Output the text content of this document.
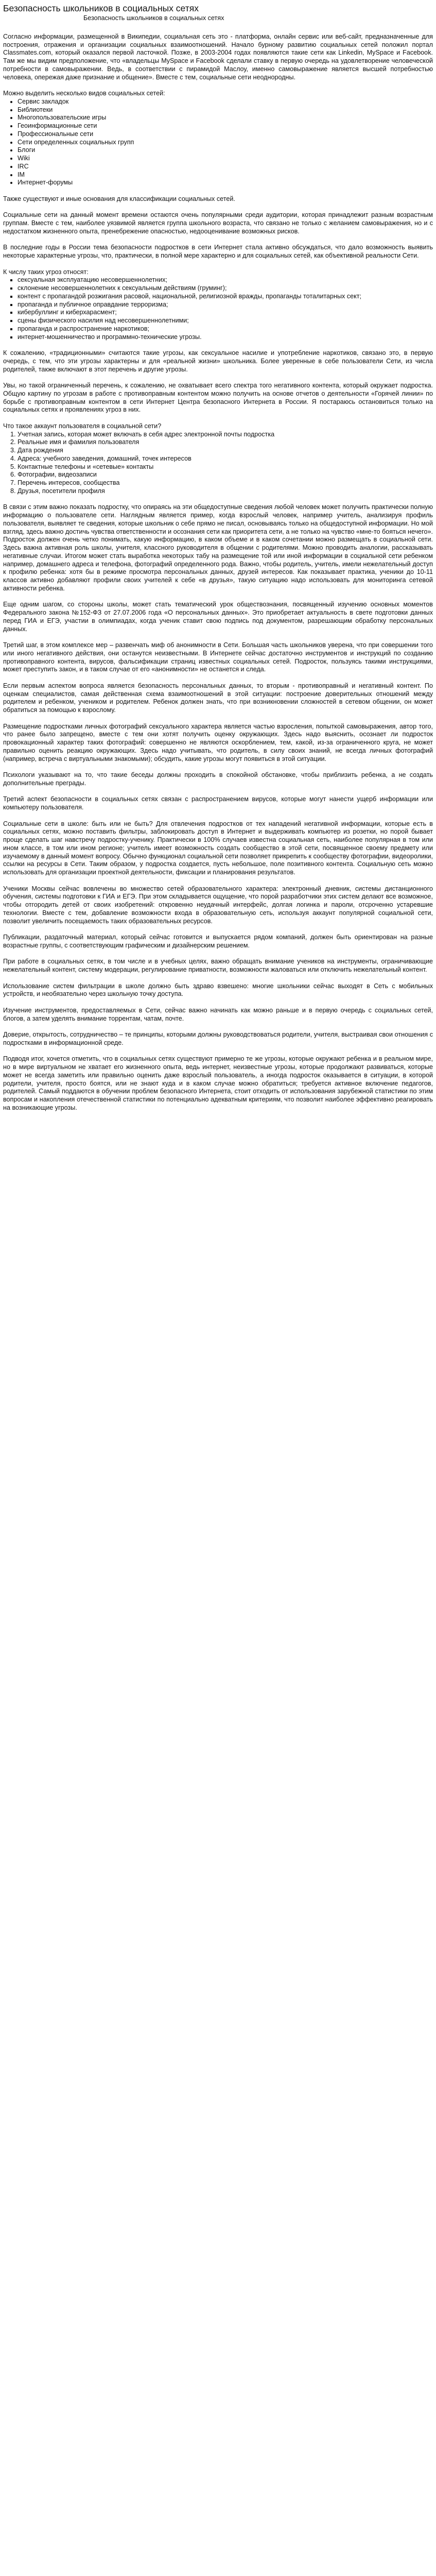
Безопасность школьников в социальных сетях
Безопасность школьников в социальных сетях

Согласно информации, размещенной в Википедии, социальная сеть это - платформа, онлайн сервис или веб-сайт, предназначенные для построения, отражения и организации социальных взаимоотношений. Начало бурному развитию социальных сетей положил портал Classmates.com, который оказался первой ласточкой. Позже, в 2003-2004 годах появляются такие сети как Linkedin, MySpace и Facebook. Там же мы видим предположение, что «владельцы MySpace и Facebook сделали ставку в первую очередь на удовлетворение человеческой потребности в самовыражении. Ведь, в соответствии с пирамидой Маслоу, именно самовыражение является высшей потребностью человека, опережая даже признание и общение». Вместе с тем, социальные сети неоднородны.

Можно выделить несколько видов социальных сетей:

• Сервис закладок
• Библиотеки
• Многопользовательские игры
• Геоинформационные сети
• Профессиональные сети
• Сети определенных социальных групп
• Блоги
• Wiki
• IRC
• IM
• Интернет-форумы

Также существуют и иные основания для классификации социальных сетей.

Социальные сети на данный момент времени остаются очень популярными среди аудитории, которая принадлежит разным возрастным группам. Вместе с тем, наиболее уязвимой является группа школьного возраста, что связано не только с желанием самовыражения, но и с недостатком жизненного опыта, пренебрежение опасностью, недооценивание возможных рисков.

В последние годы в России тема безопасности подростков в сети Интернет стала активно обсуждаться, что дало возможность выявить некоторые характерные угрозы, что, практически, в полной мере характерно и для социальных сетей, как объективной реальности Сети.

К числу таких угроз относят:

▪ сексуальная эксплуатацию несовершеннолетних;
▪ склонение несовершеннолетних к сексуальным действиям (груминг);
▪ контент с пропагандой розжигания расовой, национальной, религиозной вражды, пропаганды тоталитарных сект;
▪ пропаганда и публичное оправдание терроризма;
▪ кибербуллинг и киберхарасмент;
▪ сцены физического насилия над несовершеннолетними;
▪ пропаганда и распространение наркотиков;
▪ интернет-мошенничество и программно-технические угрозы.

К сожалению, «традиционными» считаются такие угрозы, как сексуальное насилие и употребление наркотиков, связано это, в первую очередь, с тем, что эти угрозы характерны и для «реальной жизни» школьника. Более уверенные в себе пользователи Сети, из числа родителей, также включают в этот перечень и другие угрозы.

Увы, но такой ограниченный перечень, к сожалению, не охватывает всего спектра того негативного контента, который окружает подростка. Общую картину по угрозам в работе с противоправным контентом можно получить на основе отчетов о деятельности «Горячей линии» по борьбе с противоправным контентом в сети Интернет Центра безопасного Интернета в России. Я постараюсь остановиться только на социальных сетях и проявлениях угроз в них.

Что такое аккаунт пользователя в социальной сети?

1. Учетная запись, которая может включать в себя адрес электронной почты подростка
2. Реальные имя и фамилия пользователя
3. Дата рождения
4. Адреса: учебного заведения, домашний, точек интересов
5. Контактные телефоны и «сетевые» контакты
6. Фотографии, видеозаписи
7. Перечень интересов, сообщества
8. Друзья, посетители профиля

В связи с этим важно показать подростку, что опираясь на эти общедоступные сведения любой человек может получить практически полную информацию о пользователе сети. Наглядным является пример, когда взрослый человек, например учитель, анализируя профиль пользователя, выявляет те сведения, которые школьник о себе прямо не писал, основываясь только на общедоступной информации. Но мой взгляд, здесь важно достичь чувства ответственности и осознания сети как приоритета сети, а не только на чувство «мне-то бояться нечего». Подросток должен очень четко понимать, какую информацию, в каком объеме и в каком сочетании можно размещать в социальной сети. Здесь важна активная роль школы, учителя, классного руководителя в общении с родителями. Можно проводить аналогии, рассказывать негативные случаи. Итогом может стать выработка некоторых табу на размещение той или иной информации в социальной сети ребенком например, домашнего адреса и телефона, фотографий определенного рода. Важно, чтобы родитель, учитель, имели нежелательный доступ к профилю ребенка: хотя бы в режиме просмотра персональных данных, друзей интересов. Как показывает практика, ученики до 10-11 классов активно добавляют профили своих учителей к себе «в друзья», такую ситуацию надо использовать для мониторинга сетевой активности ребенка.

Еще одним шагом, со стороны школы, может стать тематический урок обществознания, посвященный изучению основных моментов Федерального закона №152-ФЗ от 27.07.2006 года «О персональных данных». Это приобретает актуальность в свете подготовки данных перед ГИА и ЕГЭ, участии в олимпиадах, когда ученик ставит свою подпись под документом, разрешающим обработку персональных данных.

Третий шаг, в этом комплексе мер – развенчать миф об анонимности в Сети. Большая часть школьников уверена, что при совершении того или иного негативного действия, они останутся неизвестными. В Интернете сейчас достаточно инструментов и инструкций по созданию противоправного контента, вирусов, фальсификации страниц известных социальных сетей. Подросток, пользуясь такими инструкциями, может преступить закон, и в таком случае от его «анонимности» не останется и следа.

Если первым аспектом вопроса является безопасность персональных данных, то вторым - противоправный и негативный контент. По оценкам специалистов, самая действенная схема взаимоотношений в этой ситуации: построение доверительных отношений между родителем и ребенком, учеником и родителем. Ребенок должен знать, что при возникновении сложностей в сетевом общении, он может обратиться за помощью к взрослому.

Размещение подростками личных фотографий сексуального характера является частью взросления, попыткой самовыражения, автор того, что ранее было запрещено, вместе с тем они хотят получить оценку окружающих. Здесь надо выяснить, осознает ли подросток провокационный характер таких фотографий: совершенно не являются оскорблением, тем, какой, из-за ограниченного круга, не может правильно оценить реакцию окружающих. Здесь надо учитывать, что родитель, в силу своих знаний, не всегда личных фотографий (например, встреча с виртуальными знакомыми); обсудить, какие угрозы могут появиться в этой ситуации.

Психологи указывают на то, что такие беседы должны проходить в спокойной обстановке, чтобы приблизить ребенка, а не создать дополнительные преграды.

Третий аспект безопасности в социальных сетях связан с распространением вирусов, которые могут нанести ущерб информации или компьютеру пользователя.

Социальные сети в школе: быть или не быть? Для отвлечения подростков от тех нападений негативной информации, которые есть в социальных сетях, можно поставить фильтры, заблокировать доступ в Интернет и выдерживать компьютер из розетки, но порой бывает проще сделать шаг навстречу подростку-ученику. Практически в 100% случаев известна социальная сеть, наиболее популярная в том или ином классе, в том или ином регионе; учитель имеет возможность создать сообщество в этой сети, посвященное своему предмету или изучаемому в данный момент вопросу. Обычно функционал социальной сети позволяет прикрепить к сообществу фотографии, видеоролики, ссылки на ресурсы в Сети. Таким образом, у подростка создается, пусть небольшое, поле позитивного контента. Социальную сеть можно использовать для организации проектной деятельности, фиксации и планирования результатов.

Ученики Москвы сейчас вовлечены во множество сетей образовательного характера: электронный дневник, системы дистанционного обучения, системы подготовки к ГИА и ЕГЭ. При этом складывается ощущение, что порой разработчики этих систем делают все возможное, чтобы отгородить детей от своих изобретений: откровенно неудачный интерфейс, долгая логинка и пароли, отсроченно устаревшие технологии. Вместе с тем, добавление возможности входа в образовательную сеть, используя аккаунт популярной социальной сети, позволит увеличить посещаемость таких образовательных ресурсов.

Публикации, раздаточный материал, который сейчас готовится и выпускается рядом компаний, должен быть ориентирован на разные возрастные группы, с соответствующим графическим и дизайнерским решением.

При работе в социальных сетях, в том числе и в учебных целях, важно обращать внимание учеников на инструменты, ограничивающие нежелательный контент, систему модерации, регулирование приватности, возможности жаловаться или отключить нежелательный контент.

Использование систем фильтрации в школе должно быть здраво взвешено: многие школьники сейчас выходят в Сеть с мобильных устройств, и необязательно через школьную точку доступа.

Изучение инструментов, предоставляемых в Сети, сейчас важно начинать как можно раньше и в первую очередь с социальных сетей, блогов, а затем уделять внимание торрентам, чатам, почте.

Доверие, открытость, сотрудничество – те принципы, которыми должны руководствоваться родители, учителя, выстраивая свои отношения с подростками в информационной среде.

Подводя итог, хочется отметить, что в социальных сетях существуют примерно те же угрозы, которые окружают ребенка и в реальном мире, но в мире виртуальном не хватает его жизненного опыта, ведь интернет, неизвестные угрозы, которые продолжают развиваться, которые может не всегда заметить или правильно оценить даже взрослый пользователь, а иногда подросток оказывается в ситуации, в которой родители, учителя, просто боятся, или не знают куда и в каком случае можно обратиться; требуется активное включение педагогов, родителей. Самый поддаются в обучении проблем безопасного Интернета, стоит отходить от использования зарубежной статистики по этим вопросам и накопления отечественной статистики по потенциально адекватным критериям, что позволит наиболее эффективно реагировать на возникающие угрозы.
